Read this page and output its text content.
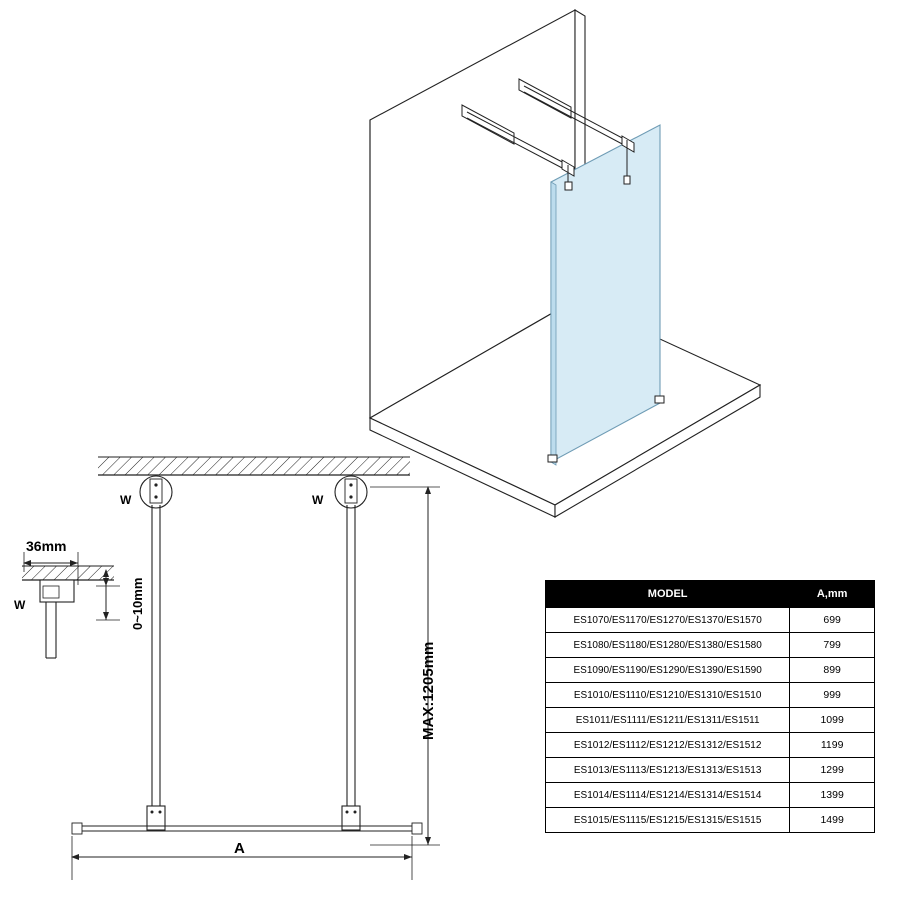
W	W
W
36mm
0~10mm
MAX:1205mm
A
MODEL	A,mm
ES1070/ES1170/ES1270/ES1370/ES1570	699
ES1080/ES1180/ES1280/ES1380/ES1580	799
ES1090/ES1190/ES1290/ES1390/ES1590	899
ES1010/ES1110/ES1210/ES1310/ES1510	999
ES1011/ES1111/ES1211/ES1311/ES1511	1099
ES1012/ES1112/ES1212/ES1312/ES1512	1199
ES1013/ES1113/ES1213/ES1313/ES1513	1299
ES1014/ES1114/ES1214/ES1314/ES1514	1399
ES1015/ES1115/ES1215/ES1315/ES1515	1499
